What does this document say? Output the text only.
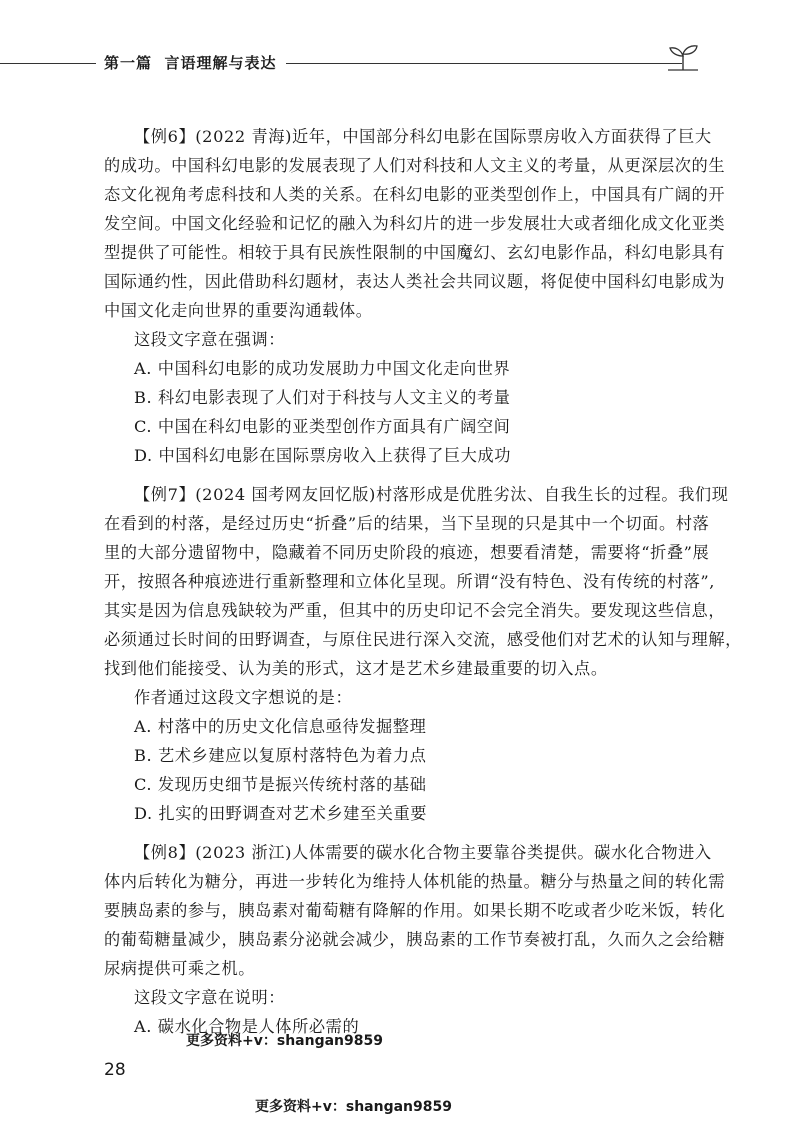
第一篇 言语理解与表达
【例6】(2022 青海)近年，中国部分科幻电影在国际票房收入方面获得了巨大
的成功。中国科幻电影的发展表现了人们对科技和人文主义的考量，从更深层次的生
态文化视角考虑科技和人类的关系。在科幻电影的亚类型创作上，中国具有广阔的开
发空间。中国文化经验和记忆的融入为科幻片的进一步发展壮大或者细化成文化亚类
型提供了可能性。相较于具有民族性限制的中国魔幻、玄幻电影作品，科幻电影具有
国际通约性，因此借助科幻题材，表达人类社会共同议题，将促使中国科幻电影成为
中国文化走向世界的重要沟通载体。
这段文字意在强调：
A. 中国科幻电影的成功发展助力中国文化走向世界
B. 科幻电影表现了人们对于科技与人文主义的考量
C. 中国在科幻电影的亚类型创作方面具有广阔空间
D. 中国科幻电影在国际票房收入上获得了巨大成功
【例7】(2024 国考网友回忆版)村落形成是优胜劣汰、自我生长的过程。我们现
在看到的村落，是经过历史“折叠”后的结果，当下呈现的只是其中一个切面。村落
里的大部分遗留物中，隐藏着不同历史阶段的痕迹，想要看清楚，需要将“折叠”展
开，按照各种痕迹进行重新整理和立体化呈现。所谓“没有特色、没有传统的村落”,
其实是因为信息残缺较为严重，但其中的历史印记不会完全消失。要发现这些信息，
必须通过长时间的田野调查，与原住民进行深入交流，感受他们对艺术的认知与理解，
找到他们能接受、认为美的形式，这才是艺术乡建最重要的切入点。
作者通过这段文字想说的是：
A. 村落中的历史文化信息亟待发掘整理
B. 艺术乡建应以复原村落特色为着力点
C. 发现历史细节是振兴传统村落的基础
D. 扎实的田野调查对艺术乡建至关重要
【例8】(2023 浙江)人体需要的碳水化合物主要靠谷类提供。碳水化合物进入
体内后转化为糖分，再进一步转化为维持人体机能的热量。糖分与热量之间的转化需
要胰岛素的参与，胰岛素对葡萄糖有降解的作用。如果长期不吃或者少吃米饭，转化
的葡萄糖量减少，胰岛素分泌就会减少，胰岛素的工作节奏被打乱，久而久之会给糖
尿病提供可乘之机。
这段文字意在说明：
A. 碳水化合物是人体所必需的
更多资料+v：shangan9859
28
更多资料+v：shangan9859
